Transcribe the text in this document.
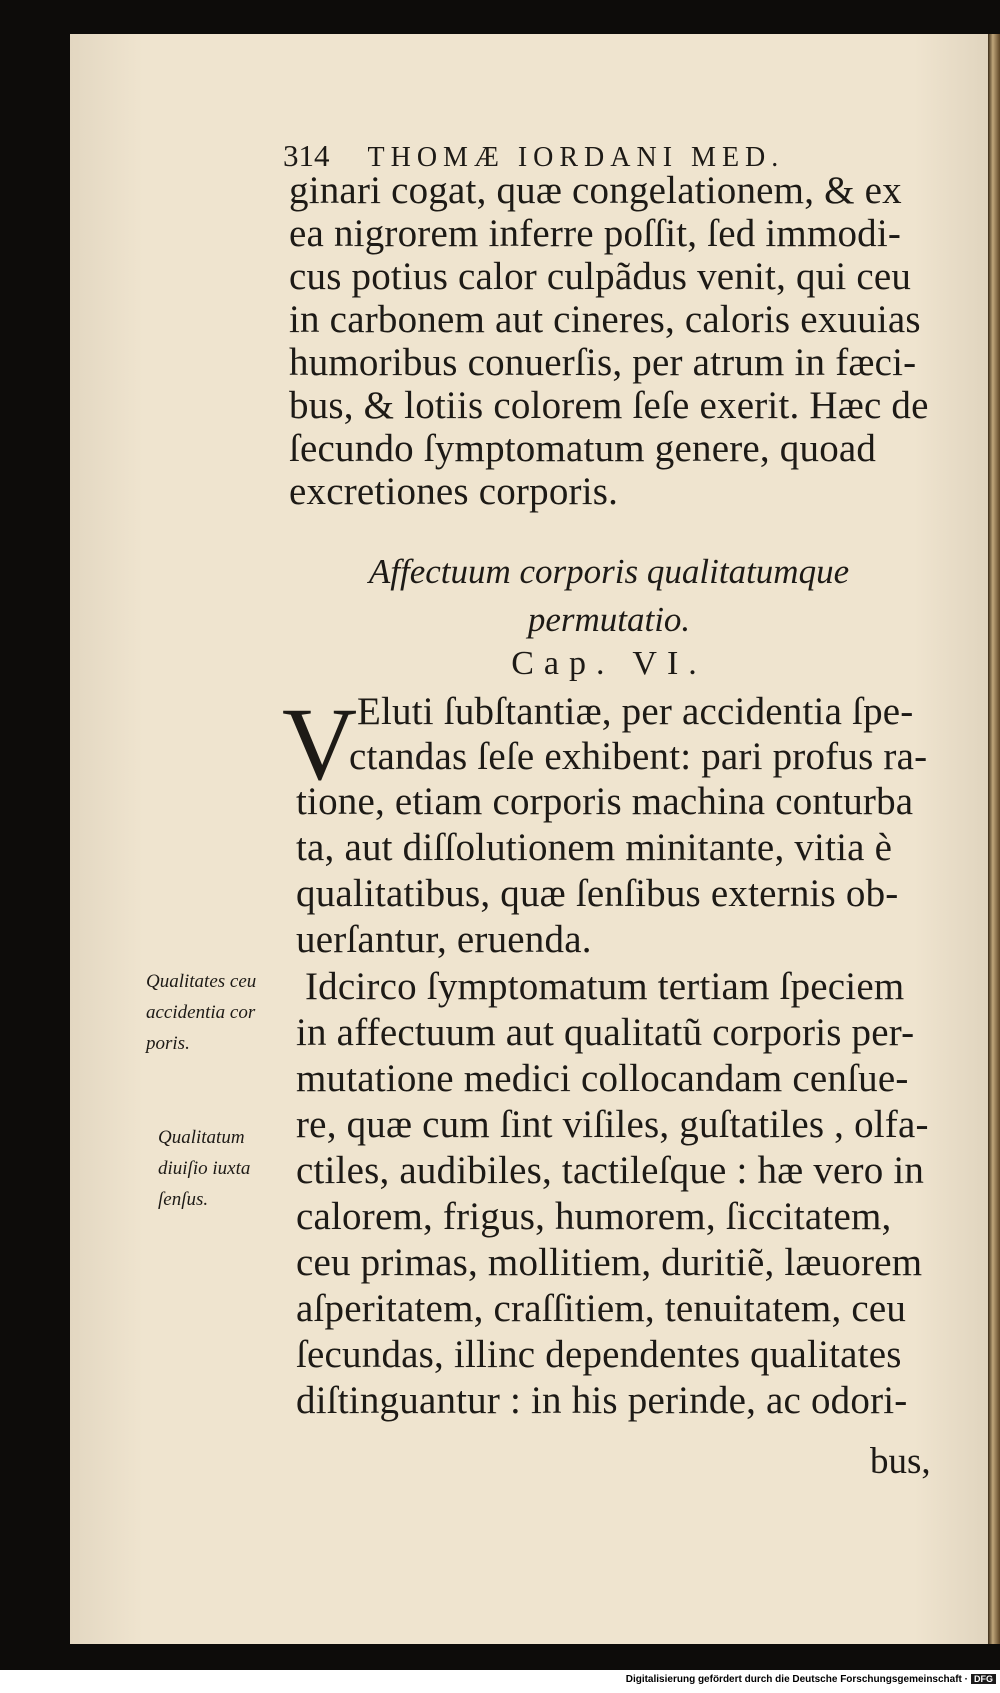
314 THOMÆ IORDANI MED.
ginari cogat, quæ congelationem, & ex
ea nigrorem inferre poſſit, ſed immodi-
cus potius calor culpãdus venit, qui ceu
in carbonem aut cineres, caloris exuuias
humoribus conuerſis, per atrum in fæci-
bus, & lotiis colorem ſeſe exerit. Hæc de
ſecundo ſymptomatum genere, quoad
excretiones corporis.
Affectuum corporis qualitatumque
permutatio.
Cap. VI.
V Eluti ſubſtantiæ, per accidentia ſpe-
ctandas ſeſe exhibent: pari profus ra-
tione, etiam corporis machina conturba
ta, aut diſſolutionem minitante, vitia è
qualitatibus, quæ ſenſibus externis ob-
uerſantur, eruenda.
Idcirco ſymptomatum tertiam ſpeciem
in affectuum aut qualitatũ corporis per-
mutatione medici collocandam cenſue-
re, quæ cum ſint viſiles, guſtatiles , olfa-
ctiles, audibiles, tactileſque : hæ vero in
calorem, frigus, humorem, ſiccitatem,
ceu primas, mollitiem, duritiẽ, læuorem
aſperitatem, craſſitiem, tenuitatem, ceu
ſecundas, illinc dependentes qualitates
diſtinguantur : in his perinde, ac odori-
bus,
Qualitates ceu
accidentia cor
poris.
Qualitatum
diuiſio iuxta
ſenſus.
Digitalisierung gefördert durch die Deutsche Forschungsgemeinschaft · DFG
